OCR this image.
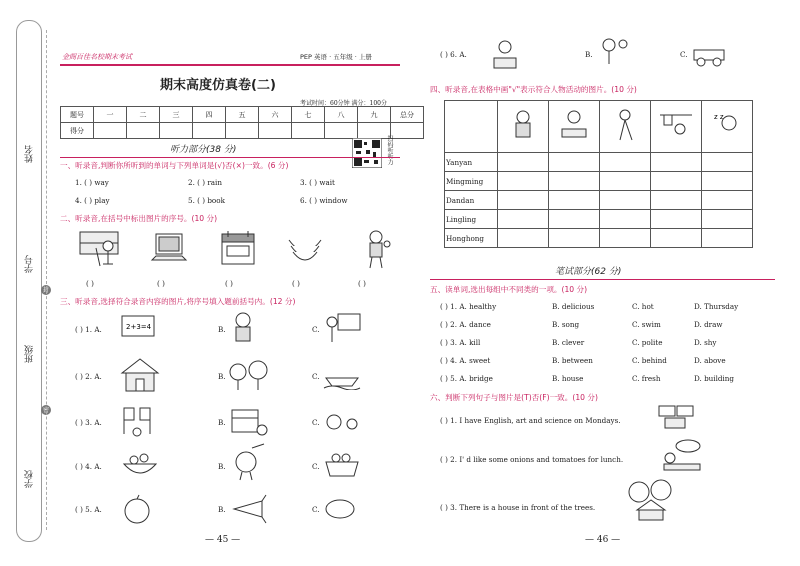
姓名
学号
班级
学校
封
密
金阁百佳名校期末考试	PEP 英语 · 五年级 · 上册
期末高度仿真卷(二)
考试时间：60分钟 满分：100分
题号	一	二	三	四	五	六	七	八	九	总分
得分										
扫码听听力
听力部分(38 分)
一、听录音,判断你所听到的单词与下列单词是(√)否(×)一致。(6 分)
1. ( ) way	2. ( ) rain	3. ( ) wait
4. ( ) play	5. ( ) book	6. ( ) window
二、听录音,在括号中标出图片的序号。(10 分)
( )	( )	( )	( )	( )
三、听录音,选择符合录音内容的图片,将序号填入题前括号内。(12 分)
( ) 1. A.	2+3=4	B.	C.
( ) 2. A.	B.	C.
( ) 3. A.	B.	C.
( ) 4. A.	B.	C.
( ) 5. A.	B.	C.
— 45 —
( ) 6. A.	B.	C.
四、听录音,在表格中画"√"表示符合人物活动的图片。(10 分)

z z

Yanyan					
Mingming					
Dandan					
Lingling					
Honghong					
笔试部分(62 分)
五、读单词,选出每组中不同类的一项。(10 分)
( ) 1. A. healthy	B. delicious	C. hot	D. Thursday
( ) 2. A. dance	B. song	C. swim	D. draw
( ) 3. A. kill	B. clever	C. polite	D. shy
( ) 4. A. sweet	B. between	C. behind	D. above
( ) 5. A. bridge	B. house	C. fresh	D. building
六、判断下列句子与图片是(T)否(F)一致。(10 分)
( ) 1. I have English, art and science on Mondays.
( ) 2. I' d like some onions and tomatoes for lunch.
( ) 3. There is a house in front of the trees.
— 46 —
